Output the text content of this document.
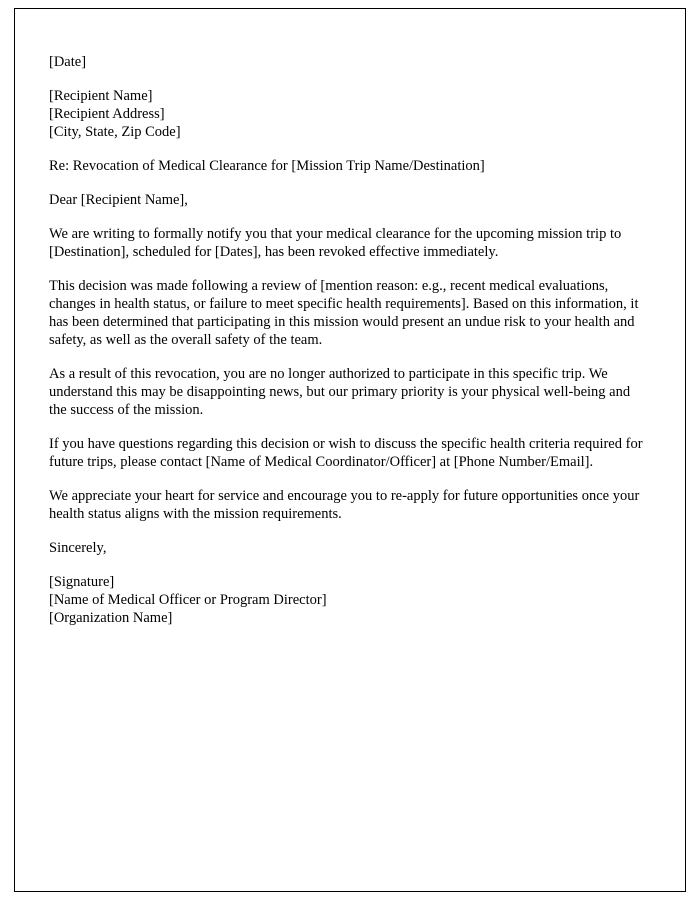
[Date]
[Recipient Name]
[Recipient Address]
[City, State, Zip Code]
Re: Revocation of Medical Clearance for [Mission Trip Name/Destination]
Dear [Recipient Name],

We are writing to formally notify you that your medical clearance for the upcoming mission trip to [Destination], scheduled for [Dates], has been revoked effective immediately.

This decision was made following a review of [mention reason: e.g., recent medical evaluations, changes in health status, or failure to meet specific health requirements]. Based on this information, it has been determined that participating in this mission would present an undue risk to your health and safety, as well as the overall safety of the team.

As a result of this revocation, you are no longer authorized to participate in this specific trip. We understand this may be disappointing news, but our primary priority is your physical well-being and the success of the mission.

If you have questions regarding this decision or wish to discuss the specific health criteria required for future trips, please contact [Name of Medical Coordinator/Officer] at [Phone Number/Email].

We appreciate your heart for service and encourage you to re-apply for future opportunities once your health status aligns with the mission requirements.

Sincerely,
[Signature]
[Name of Medical Officer or Program Director]
[Organization Name]
